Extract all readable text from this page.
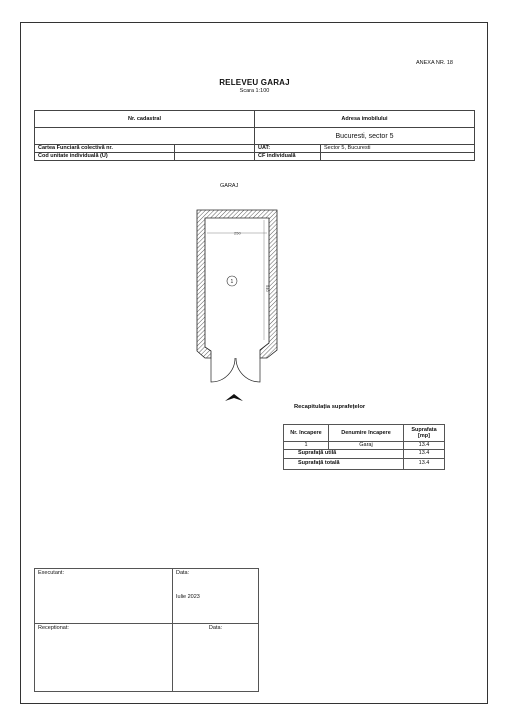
ANEXA NR. 18
RELEVEU GARAJ
Scara 1:100
Nr. cadastral	Adresa imobilului	
	Bucuresti, sector 5	

Cartea Funciară colectivă nr.	UAT:	Sector 5, Bucuresti

Cod unitate individuală (U)	CF individuală	
GARAJ
250
540
1
Recapitulația suprafețelor
Nr. încapere	Denumire încapere	Suprafata [mp]
1	Garaj	13.4
Suprafață utilă		13.4
Suprafață totală		13.4
Executant:	Data:
Iulie 2023

Receptionat:	Data:
